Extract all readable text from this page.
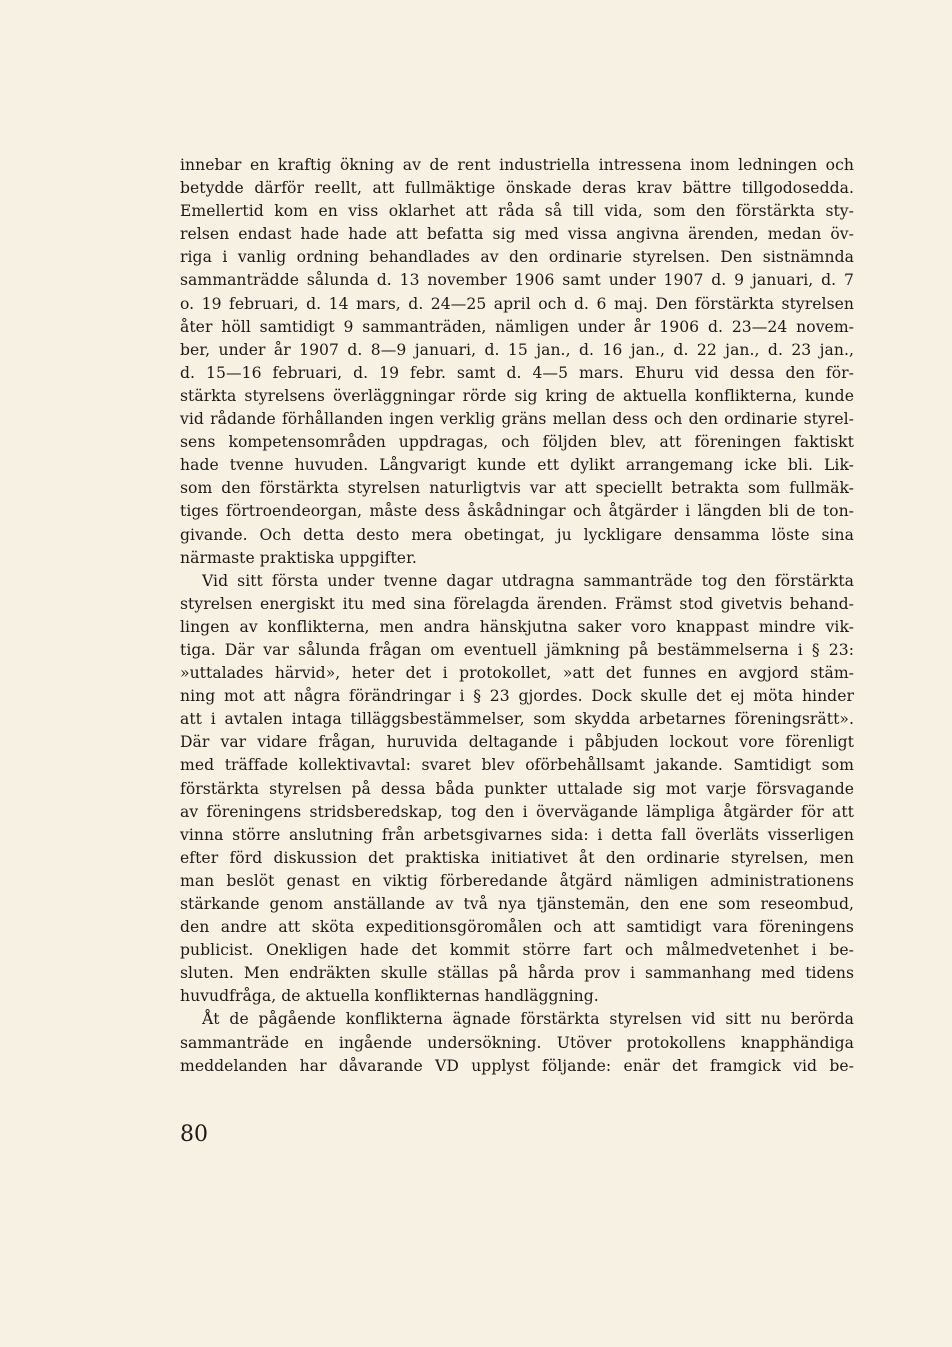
innebar en kraftig ökning av de rent industriella intressena inom ledningen och
betydde därför reellt, att fullmäktige önskade deras krav bättre tillgodosedda.
Emellertid kom en viss oklarhet att råda så till vida, som den förstärkta sty-
relsen endast hade hade att befatta sig med vissa angivna ärenden, medan öv-
riga i vanlig ordning behandlades av den ordinarie styrelsen. Den sistnämnda
sammanträdde sålunda d. 13 november 1906 samt under 1907 d. 9 januari, d. 7
o. 19 februari, d. 14 mars, d. 24—25 april och d. 6 maj. Den förstärkta styrelsen
åter höll samtidigt 9 sammanträden, nämligen under år 1906 d. 23—24 novem-
ber, under år 1907 d. 8—9 januari, d. 15 jan., d. 16 jan., d. 22 jan., d. 23 jan.,
d. 15—16 februari, d. 19 febr. samt d. 4—5 mars. Ehuru vid dessa den för-
stärkta styrelsens överläggningar rörde sig kring de aktuella konflikterna, kunde
vid rådande förhållanden ingen verklig gräns mellan dess och den ordinarie styrel-
sens kompetensområden uppdragas, och följden blev, att föreningen faktiskt
hade tvenne huvuden. Långvarigt kunde ett dylikt arrangemang icke bli. Lik-
som den förstärkta styrelsen naturligtvis var att speciellt betrakta som fullmäk-
tiges förtroendeorgan, måste dess åskådningar och åtgärder i längden bli de ton-
givande. Och detta desto mera obetingat, ju lyckligare densamma löste sina
närmaste praktiska uppgifter.
Vid sitt första under tvenne dagar utdragna sammanträde tog den förstärkta
styrelsen energiskt itu med sina förelagda ärenden. Främst stod givetvis behand-
lingen av konflikterna, men andra hänskjutna saker voro knappast mindre vik-
tiga. Där var sålunda frågan om eventuell jämkning på bestämmelserna i § 23:
»uttalades härvid», heter det i protokollet, »att det funnes en avgjord stäm-
ning mot att några förändringar i § 23 gjordes. Dock skulle det ej möta hinder
att i avtalen intaga tilläggsbestämmelser, som skydda arbetarnes föreningsrätt».
Där var vidare frågan, huruvida deltagande i påbjuden lockout vore förenligt
med träffade kollektivavtal: svaret blev oförbehållsamt jakande. Samtidigt som
förstärkta styrelsen på dessa båda punkter uttalade sig mot varje försvagande
av föreningens stridsberedskap, tog den i övervägande lämpliga åtgärder för att
vinna större anslutning från arbetsgivarnes sida: i detta fall överläts visserligen
efter förd diskussion det praktiska initiativet åt den ordinarie styrelsen, men
man beslöt genast en viktig förberedande åtgärd nämligen administrationens
stärkande genom anställande av två nya tjänstemän, den ene som reseombud,
den andre att sköta expeditionsgöromålen och att samtidigt vara föreningens
publicist. Onekligen hade det kommit större fart och målmedvetenhet i be-
sluten. Men endräkten skulle ställas på hårda prov i sammanhang med tidens
huvudfråga, de aktuella konflikternas handläggning.
Åt de pågående konflikterna ägnade förstärkta styrelsen vid sitt nu berörda
sammanträde en ingående undersökning. Utöver protokollens knapphändiga
meddelanden har dåvarande VD upplyst följande: enär det framgick vid be-
80
